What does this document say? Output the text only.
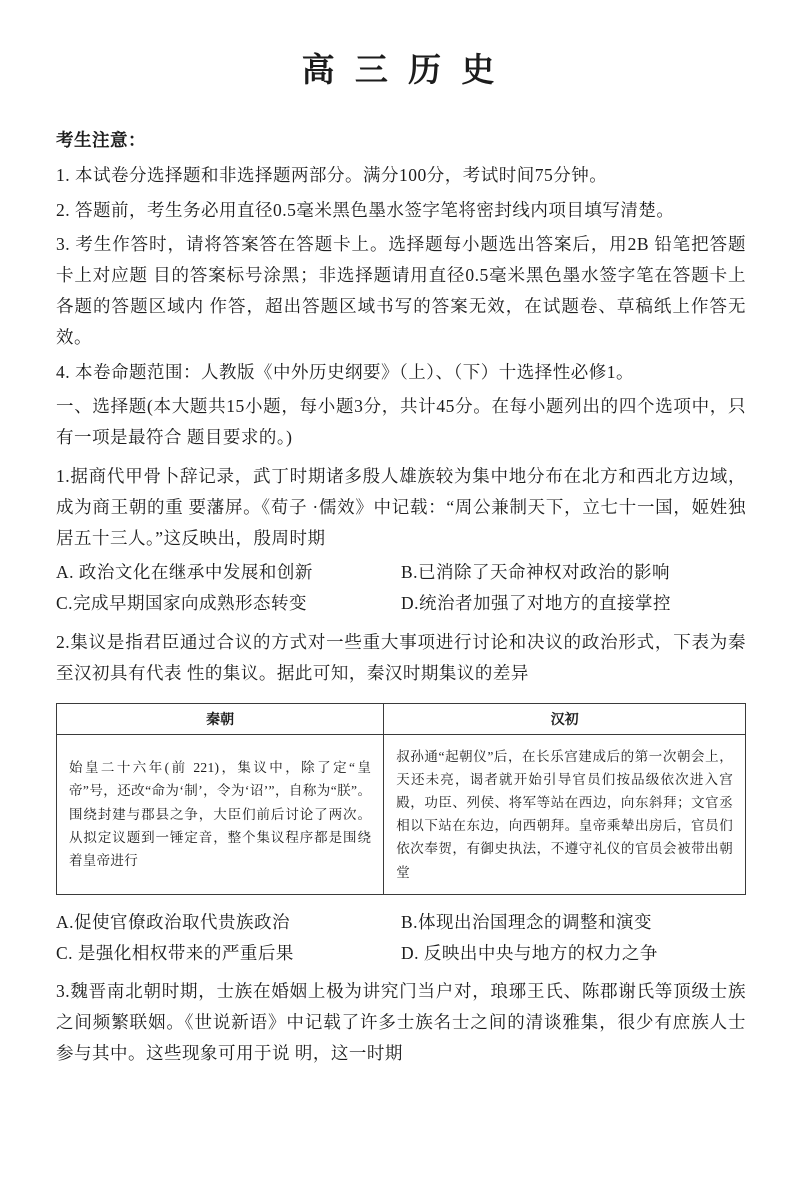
高 三 历 史

考生注意：

1. 本试卷分选择题和非选择题两部分。满分100分，考试时间75分钟。

2. 答题前，考生务必用直径0.5毫米黑色墨水签字笔将密封线内项目填写清楚。

3. 考生作答时，请将答案答在答题卡上。选择题每小题选出答案后，用2B 铅笔把答题卡上对应题 目的答案标号涂黑；非选择题请用直径0.5毫米黑色墨水签字笔在答题卡上各题的答题区域内 作答，超出答题区域书写的答案无效，在试题卷、草稿纸上作答无效。

4. 本卷命题范围：人教版《中外历史纲要》（上）、（下）十选择性必修1。

一、选择题(本大题共15小题，每小题3分，共计45分。在每小题列出的四个选项中，只有一项是最符合 题目要求的。)

1.据商代甲骨卜辞记录，武丁时期诸多殷人雄族较为集中地分布在北方和西北方边域，成为商王朝的重 要藩屏。《荀子 ·儒效》中记载：“周公兼制天下，立七十一国，姬姓独居五十三人。”这反映出，殷周时期

A. 政治文化在继承中发展和创新	B.已消除了天命神权对政治的影响
C.完成早期国家向成熟形态转变	D.统治者加强了对地方的直接掌控

2.集议是指君臣通过合议的方式对一些重大事项进行讨论和决议的政治形式，下表为秦至汉初具有代表 性的集议。据此可知，秦汉时期集议的差异

秦朝	汉初
始皇二十六年(前 221)，集议中，除了定“皇帝”号，还改“命为‘制’，令为‘诏’”，自称为“朕”。围绕封建与郡县之争，大臣们前后讨论了两次。从拟定议题到一锤定音，整个集议程序都是围绕着皇帝进行	叔孙通“起朝仪”后，在长乐宫建成后的第一次朝会上，天还未亮，谒者就开始引导官员们按品级依次进入宫殿，功臣、列侯、将军等站在西边，向东斜拜；文官丞相以下站在东边，向西朝拜。皇帝乘辇出房后，官员们依次奉贺，有御史执法，不遵守礼仪的官员会被带出朝堂
A.促使官僚政治取代贵族政治	B.体现出治国理念的调整和演变
C. 是强化相权带来的严重后果	D. 反映出中央与地方的权力之争

3.魏晋南北朝时期，士族在婚姻上极为讲究门当户对，琅琊王氏、陈郡谢氏等顶级士族之间频繁联姻。《世说新语》中记载了许多士族名士之间的清谈雅集，很少有庶族人士参与其中。这些现象可用于说 明，这一时期
